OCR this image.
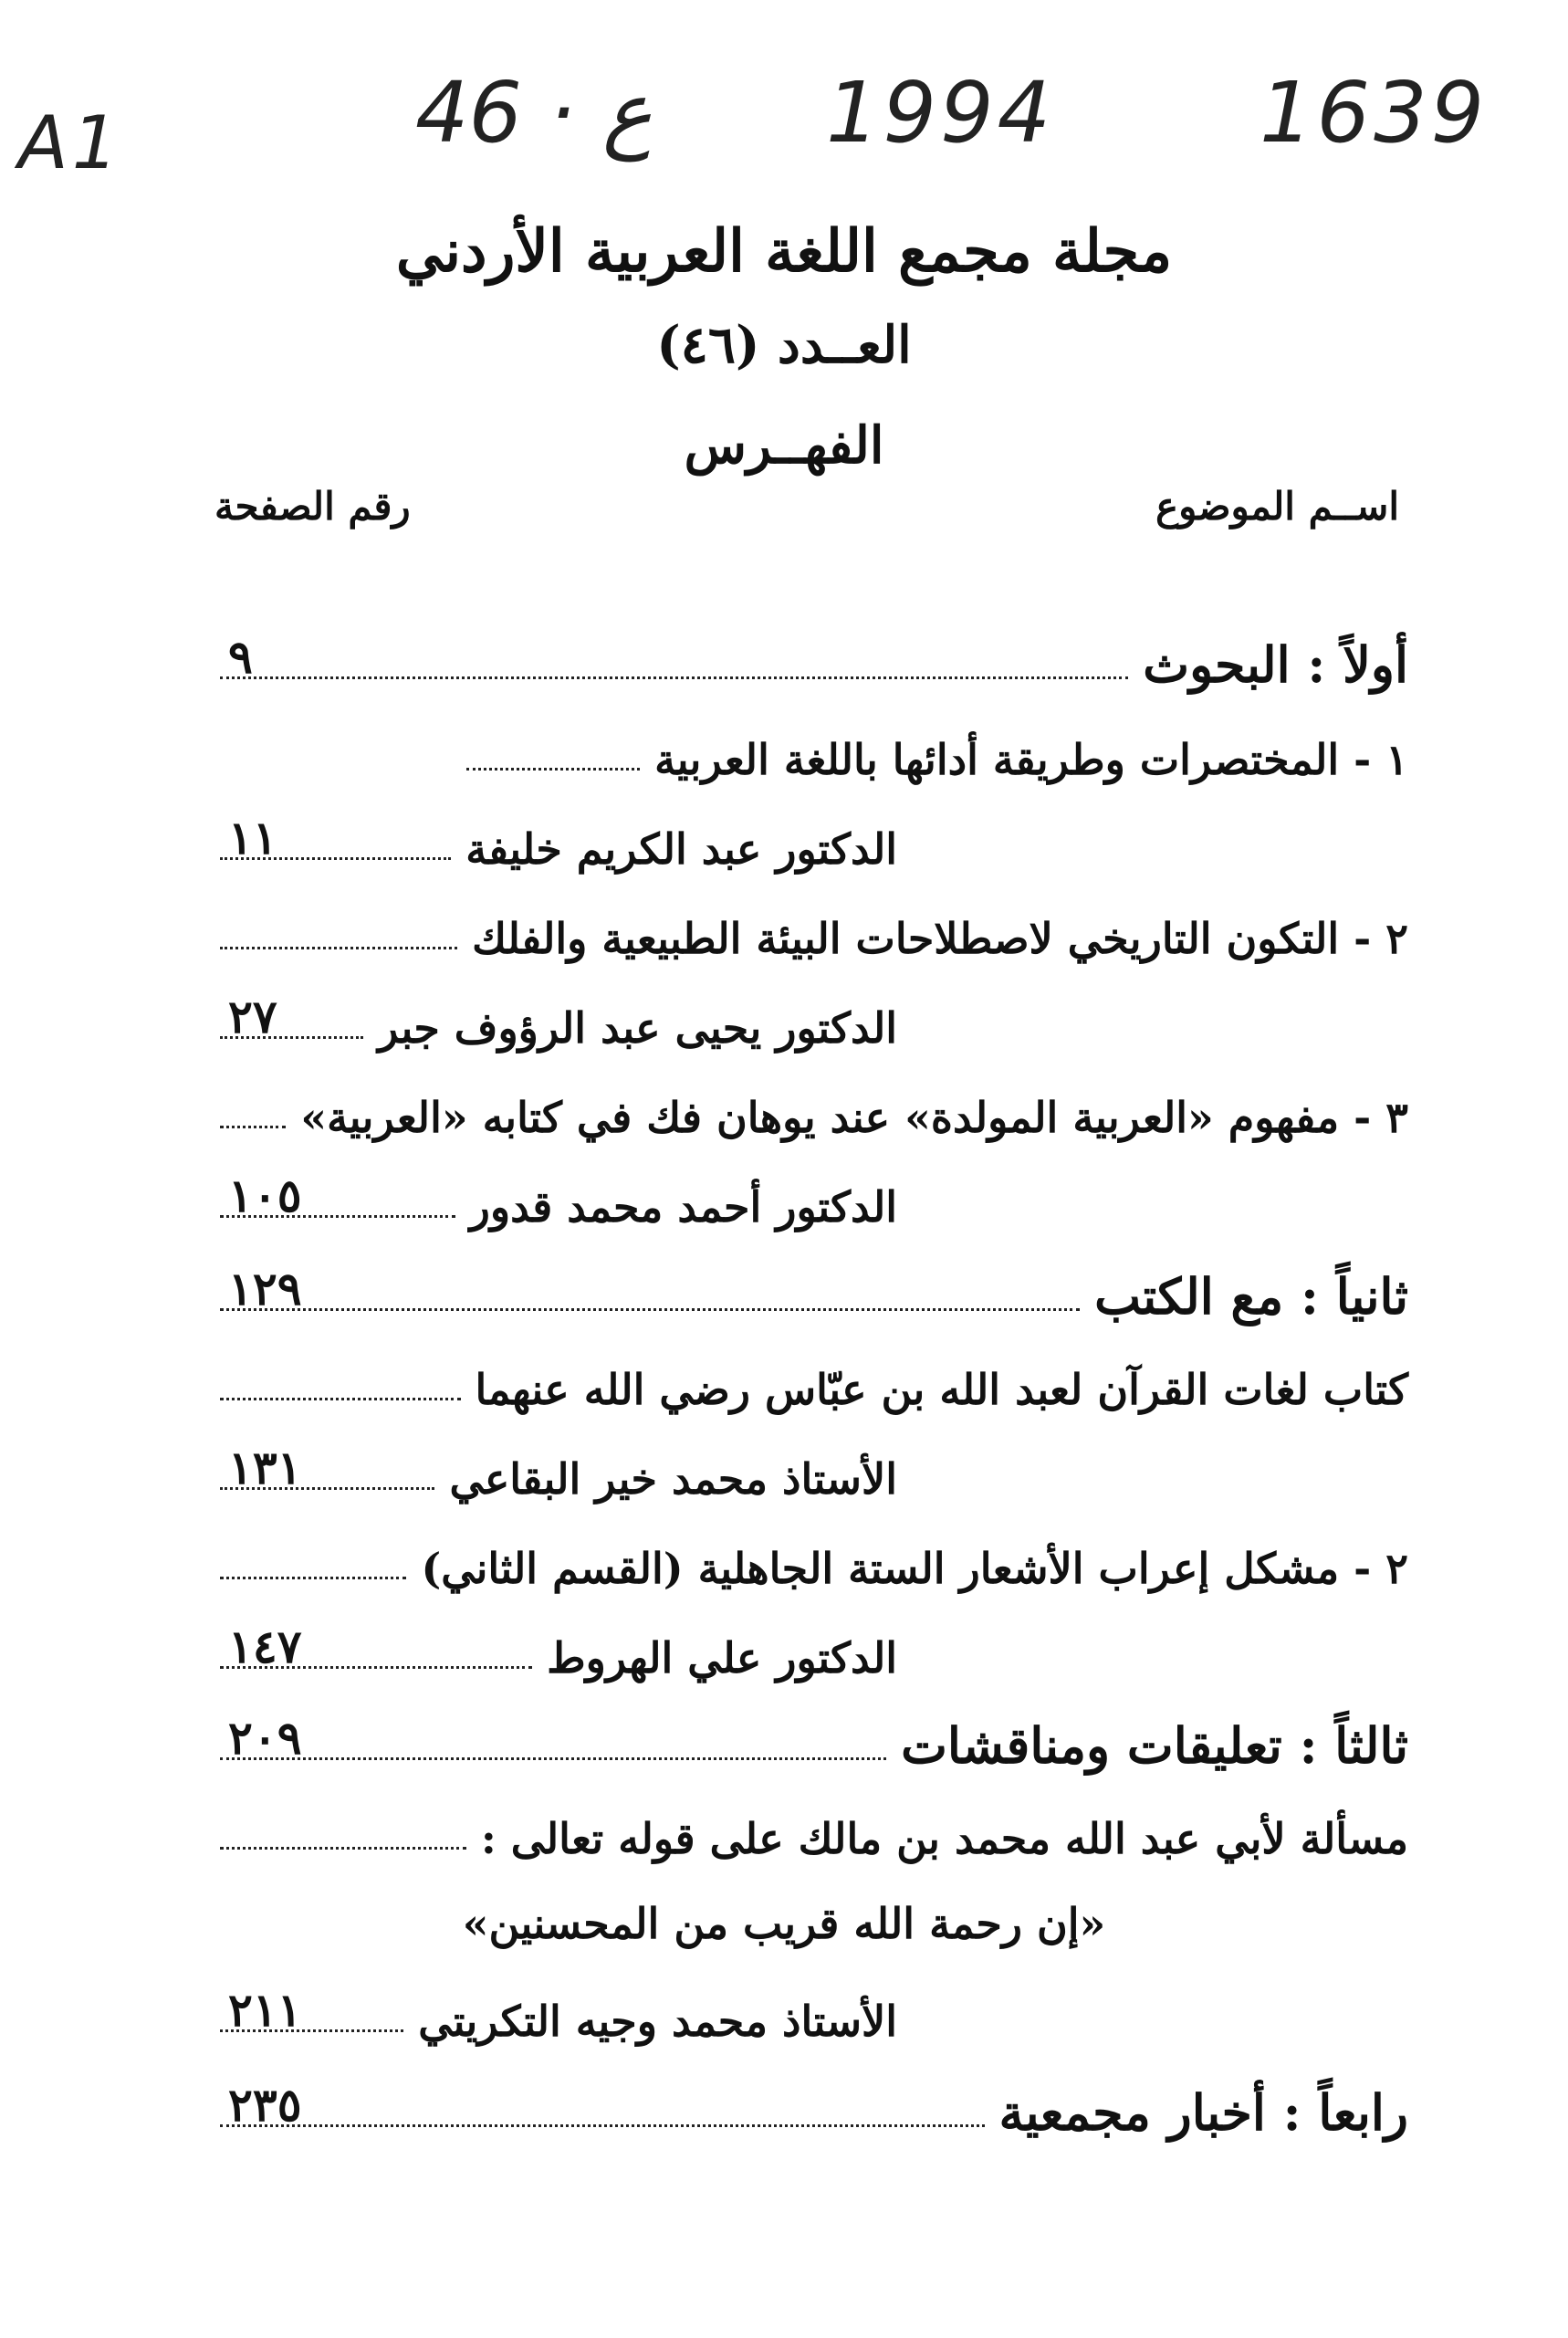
A1	46 · ع 1994 1639
مجلة مجمع اللغة العربية الأردني
العــدد (٤٦)
الفهــرس
اســم الموضوع
رقم الصفحة
أولاً : البحوث
٩
١ - المختصرات وطريقة أدائها باللغة العربية
الدكتور عبد الكريم خليفة
١١
٢ - التكون التاريخي لاصطلاحات البيئة الطبيعية والفلك
الدكتور يحيى عبد الرؤوف جبر
٢٧
٣ - مفهوم «العربية المولدة» عند يوهان فك في كتابه «العربية»
الدكتور أحمد محمد قدور
١٠٥
ثانياً : مع الكتب
١٢٩
كتاب لغات القرآن لعبد الله بن عبّاس رضي الله عنهما
الأستاذ محمد خير البقاعي
١٣١
٢ - مشكل إعراب الأشعار الستة الجاهلية (القسم الثاني)
الدكتور علي الهروط
١٤٧
ثالثاً : تعليقات ومناقشات
٢٠٩
مسألة لأبي عبد الله محمد بن مالك على قوله تعالى :
«إن رحمة الله قريب من المحسنين»
الأستاذ محمد وجيه التكريتي
٢١١
رابعاً : أخبار مجمعية
٢٣٥
